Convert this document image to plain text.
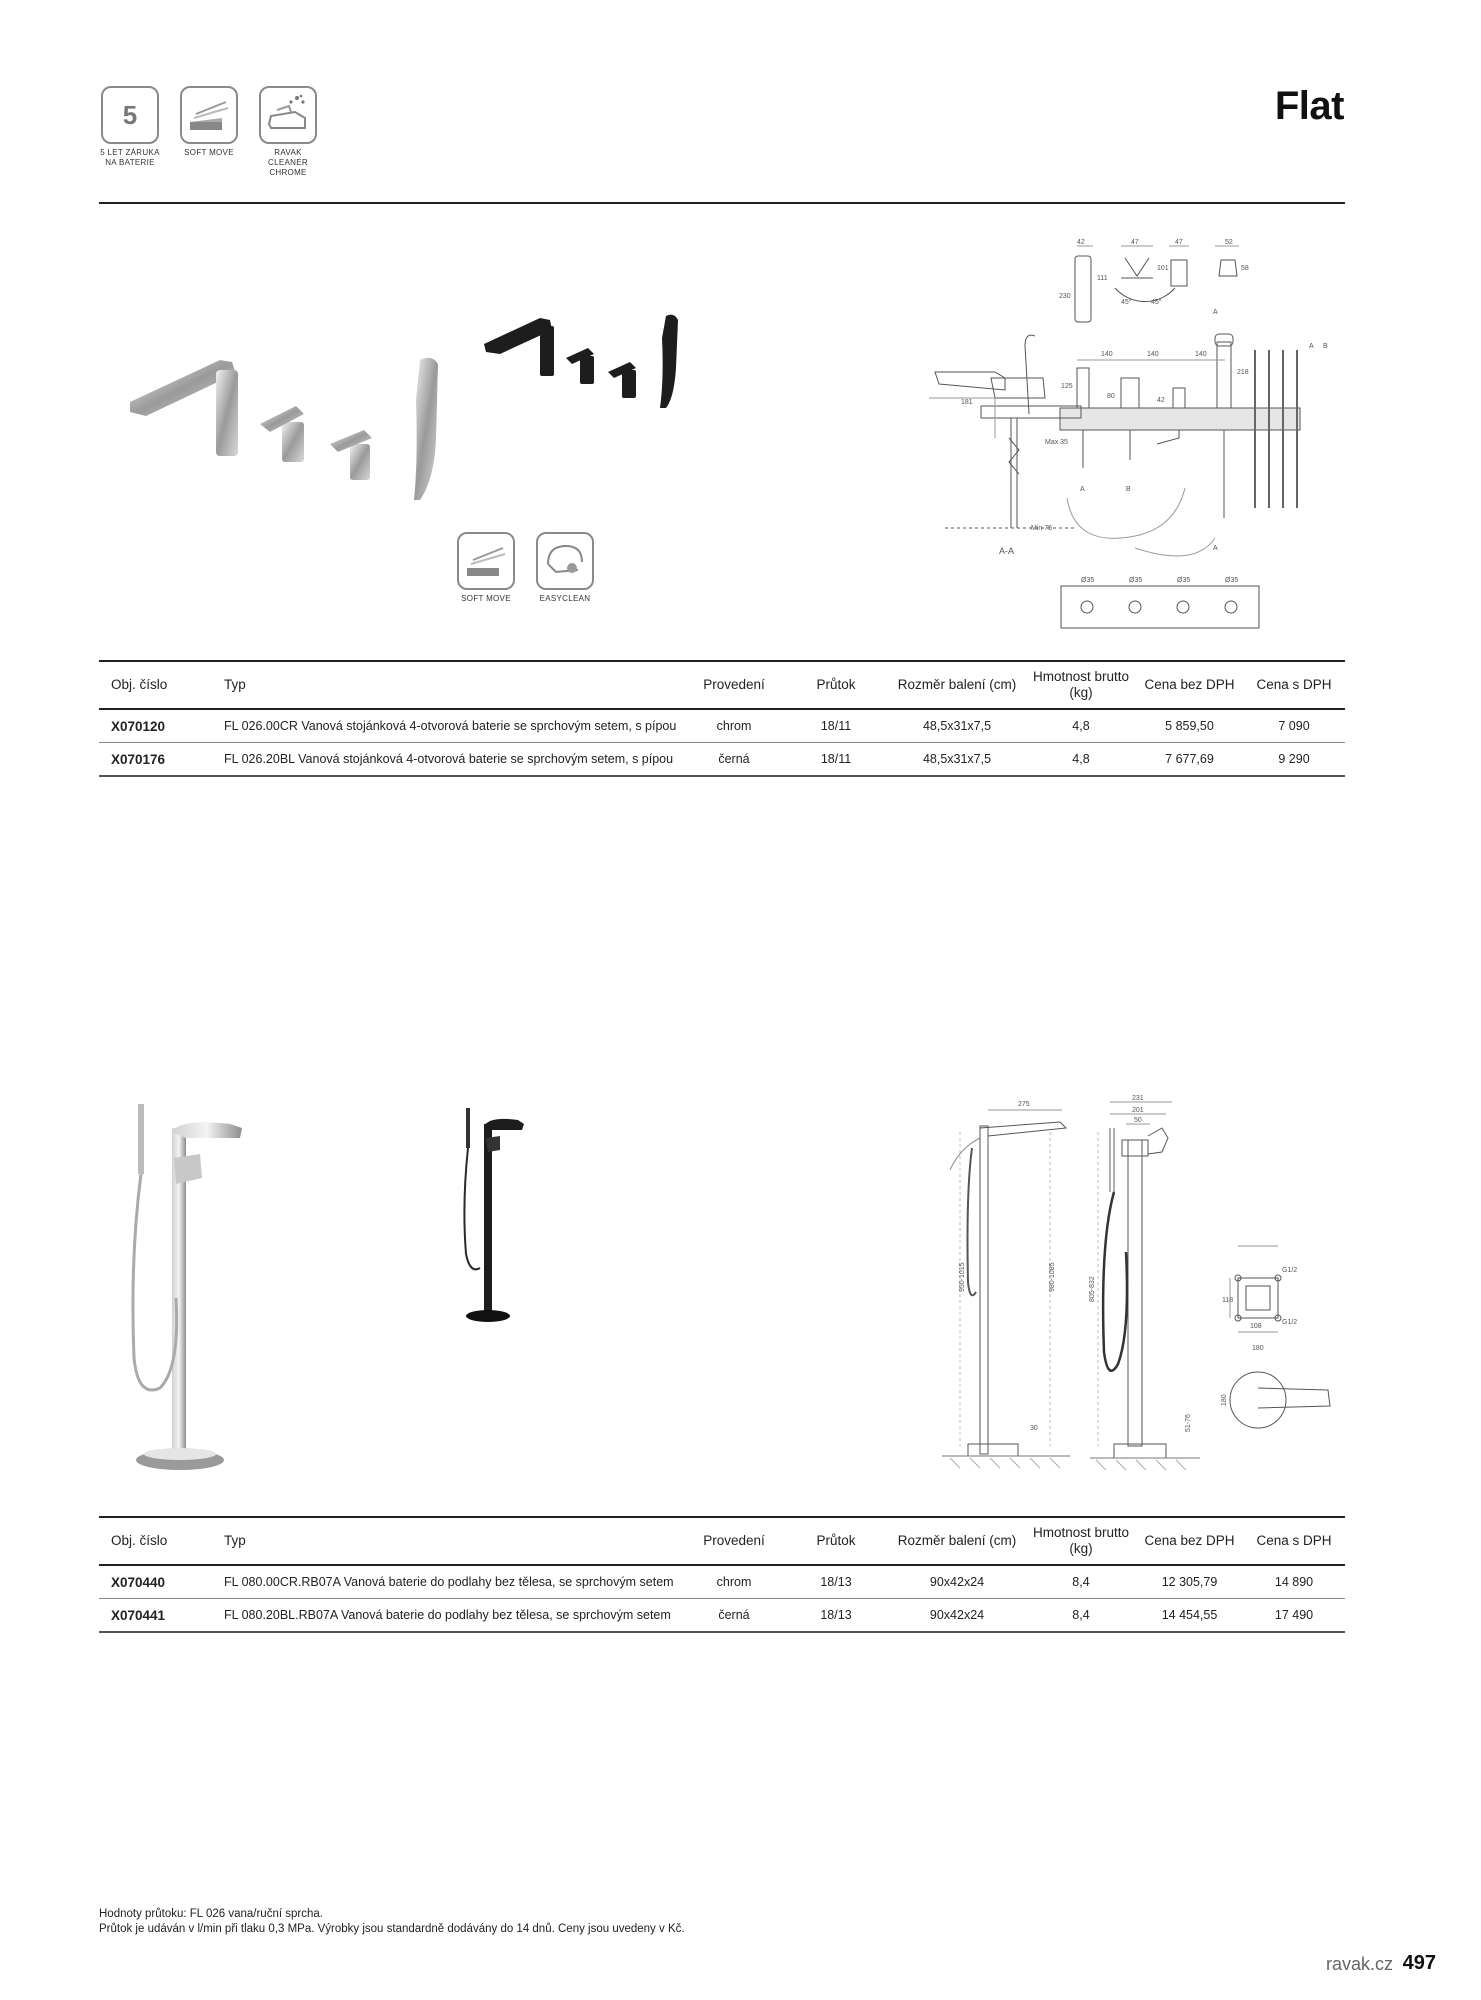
5
5 LET ZÁRUKA
NA BATERIE
SOFT MOVE	RAVAK
CLEANER
CHROME
Flat
SOFT MOVE	EASYCLEAN
42	47	47	52
111
101	58
230
45°	45°
140	140	140
181
125
80
42
218
Max 35
Min 75
A-A
A
A
A	B
A B
Ø35	Ø35	Ø35	Ø35
Obj. číslo	Typ	Provedení	Průtok	Rozměr balení (cm)	Hmotnost brutto (kg)	Cena bez DPH	Cena s DPH
X070120	FL 026.00CR Vanová stojánková 4-otvorová baterie se sprchovým setem, s pípou	chrom	18/11	48,5x31x7,5	4,8	5 859,50	7 090
X070176	FL 026.20BL Vanová stojánková 4-otvorová baterie se sprchovým setem, s pípou	černá	18/11	48,5x31x7,5	4,8	7 677,69	9 290
275
231
201
50
950-1015	980-1085	805-832	118
108
G1/2
G1/2
180
180
30	51-76
Obj. číslo	Typ	Provedení	Průtok	Rozměr balení (cm)	Hmotnost brutto (kg)	Cena bez DPH	Cena s DPH
X070440	FL 080.00CR.RB07A Vanová baterie do podlahy bez tělesa, se sprchovým setem	chrom	18/13	90x42x24	8,4	12 305,79	14 890
X070441	FL 080.20BL.RB07A Vanová baterie do podlahy bez tělesa, se sprchovým setem	černá	18/13	90x42x24	8,4	14 454,55	17 490
Hodnoty průtoku: FL 026 vana/ruční sprcha.
Průtok je udáván v l/min při tlaku 0,3 MPa. Výrobky jsou standardně dodávány do 14 dnů. Ceny jsou uvedeny v Kč.
ravak.cz 497
